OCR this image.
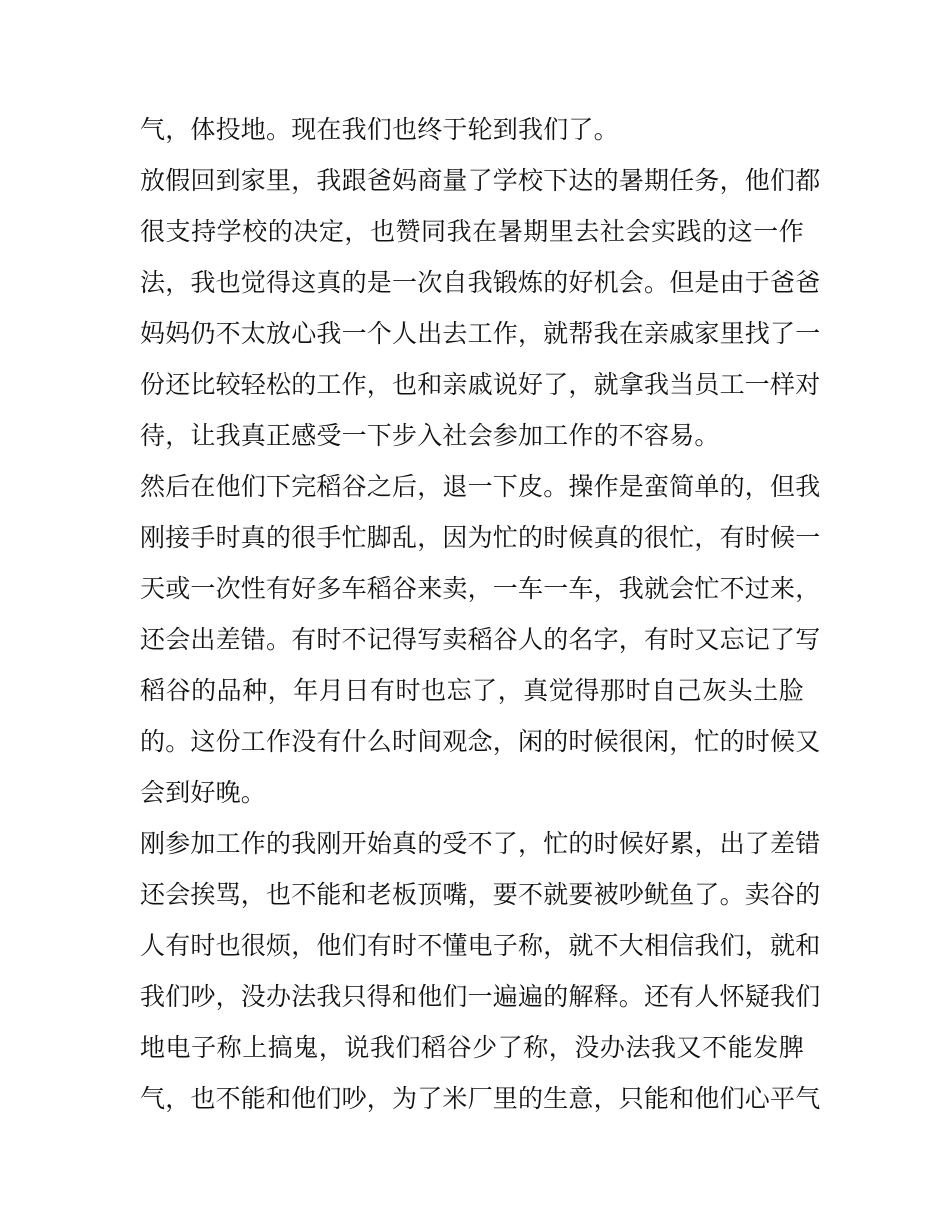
气，体投地。现在我们也终于轮到我们了。
放假回到家里，我跟爸妈商量了学校下达的暑期任务，他们都
很支持学校的决定，也赞同我在暑期里去社会实践的这一作
法，我也觉得这真的是一次自我锻炼的好机会。但是由于爸爸
妈妈仍不太放心我一个人出去工作，就帮我在亲戚家里找了一
份还比较轻松的工作，也和亲戚说好了，就拿我当员工一样对
待，让我真正感受一下步入社会参加工作的不容易。
然后在他们下完稻谷之后，退一下皮。操作是蛮简单的，但我
刚接手时真的很手忙脚乱，因为忙的时候真的很忙，有时候一
天或一次性有好多车稻谷来卖，一车一车，我就会忙不过来，
还会出差错。有时不记得写卖稻谷人的名字，有时又忘记了写
稻谷的品种，年月日有时也忘了，真觉得那时自己灰头土脸
的。这份工作没有什么时间观念，闲的时候很闲，忙的时候又
会到好晚。
刚参加工作的我刚开始真的受不了，忙的时候好累，出了差错
还会挨骂，也不能和老板顶嘴，要不就要被吵鱿鱼了。卖谷的
人有时也很烦，他们有时不懂电子称，就不大相信我们，就和
我们吵，没办法我只得和他们一遍遍的解释。还有人怀疑我们
地电子称上搞鬼，说我们稻谷少了称，没办法我又不能发脾
气，也不能和他们吵，为了米厂里的生意，只能和他们心平气
